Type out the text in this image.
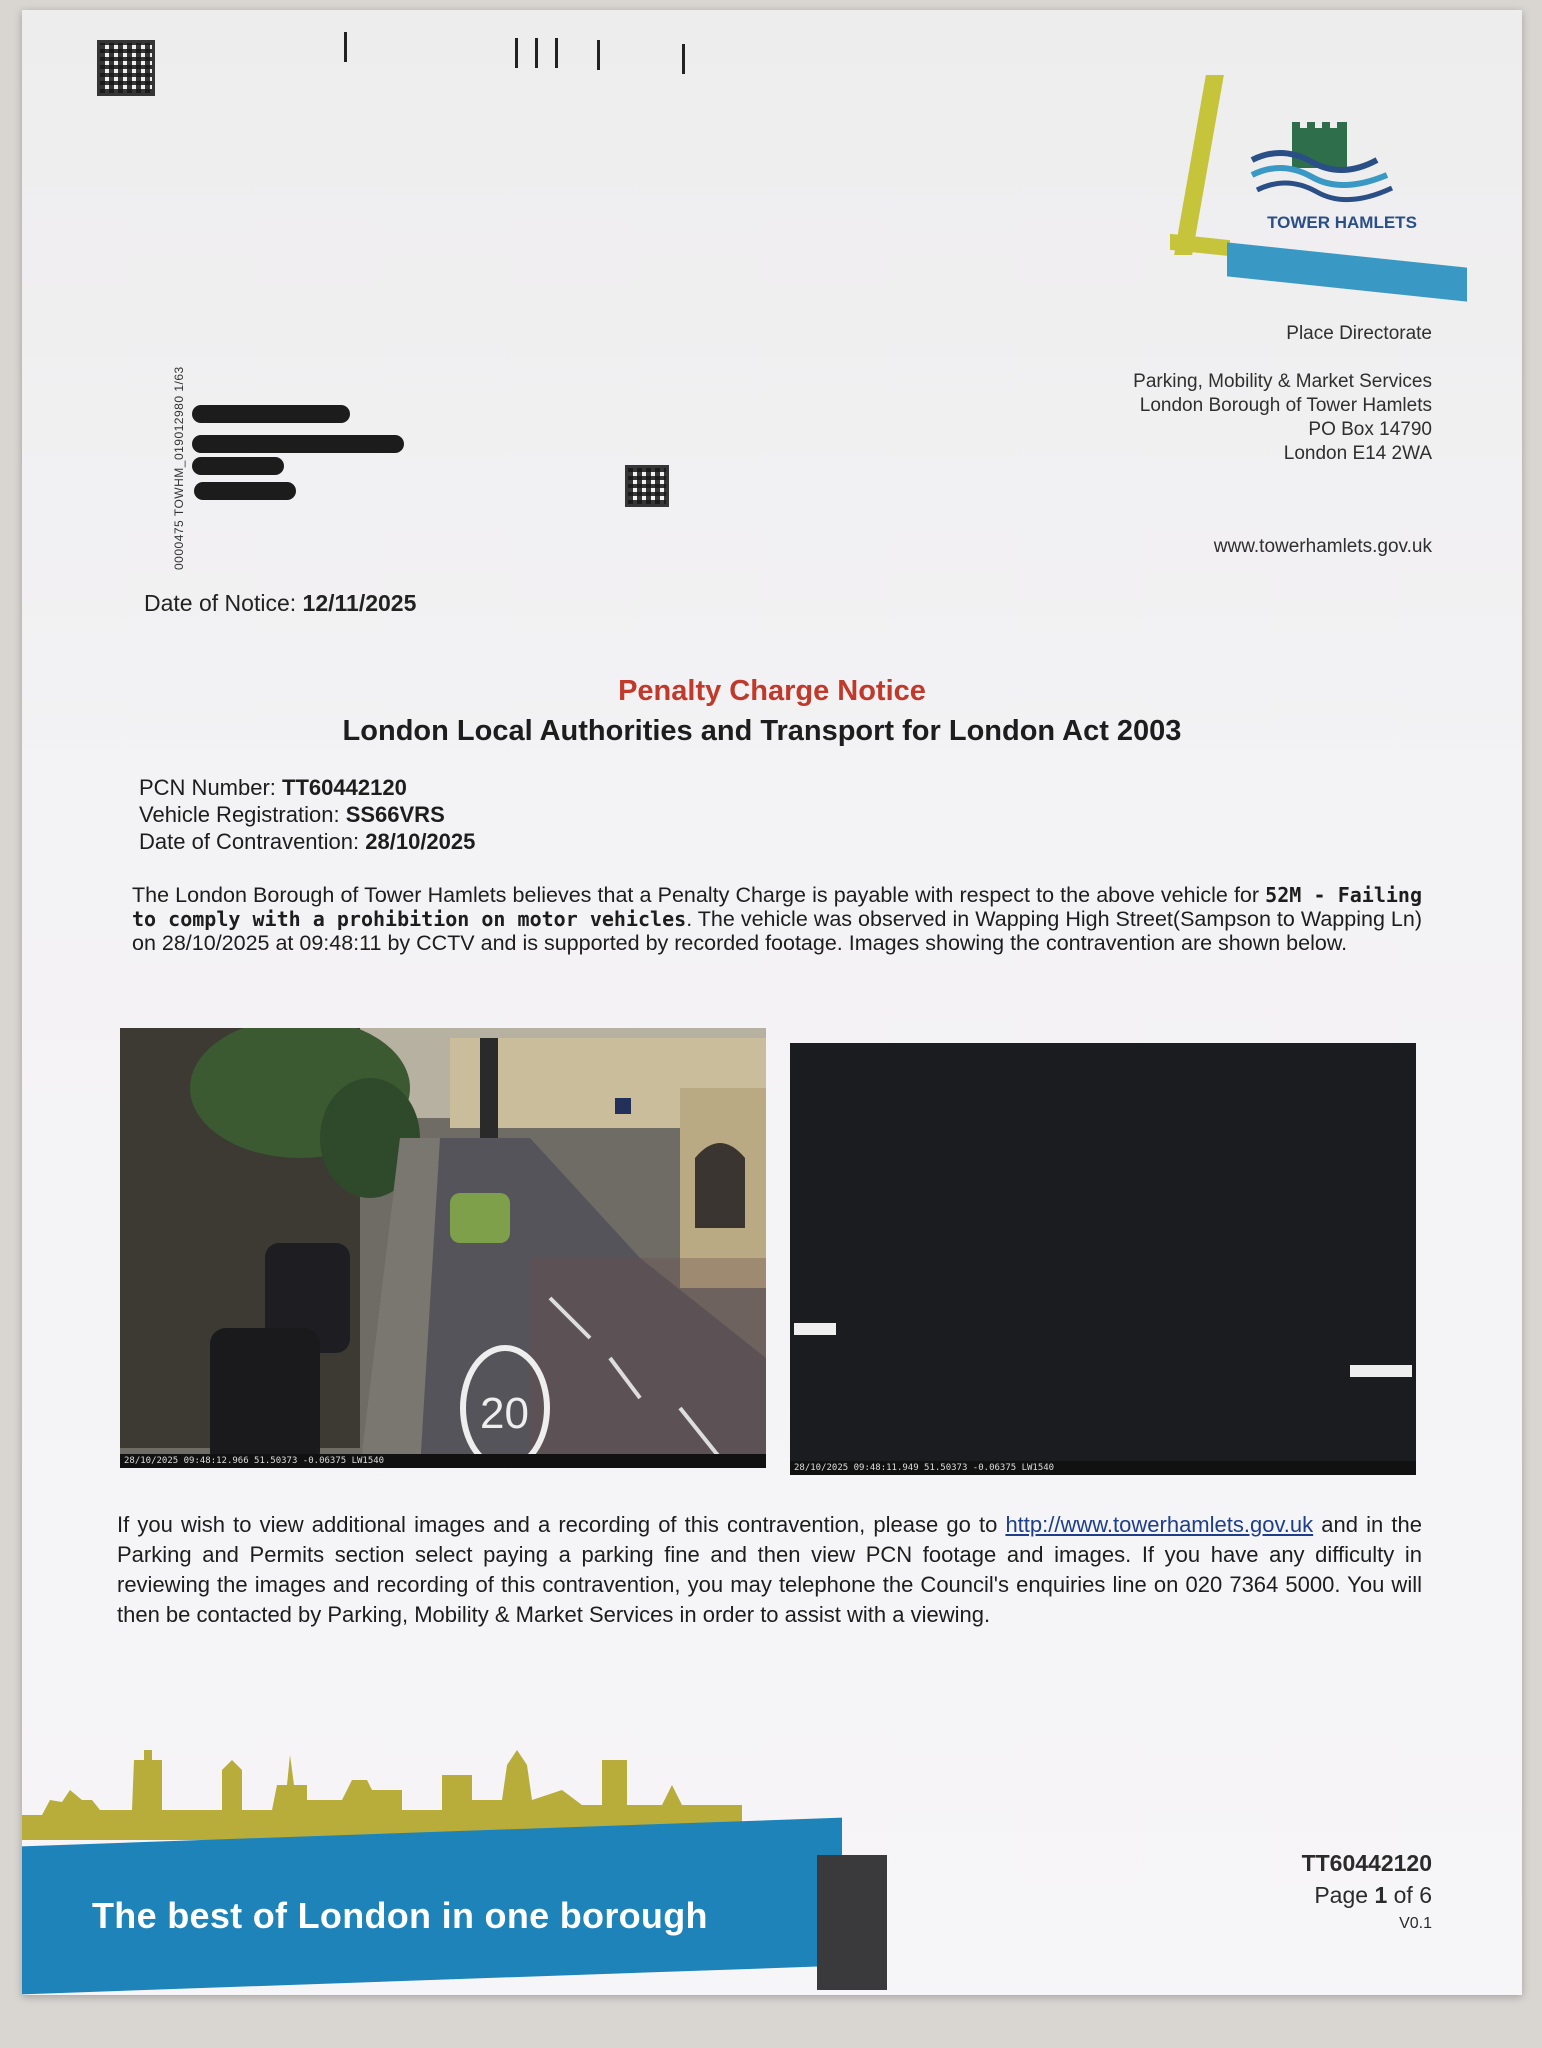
TOWER HAMLETS
Place Directorate
Parking, Mobility & Market Services
London Borough of Tower Hamlets
PO Box 14790
London E14 2WA
www.towerhamlets.gov.uk
0000475 TOWHM_019012980 1/63
Date of Notice: 12/11/2025
Penalty Charge Notice
London Local Authorities and Transport for London Act 2003
PCN Number: TT60442120
Vehicle Registration: SS66VRS
Date of Contravention: 28/10/2025
The London Borough of Tower Hamlets believes that a Penalty Charge is payable with respect to the above vehicle for 52M - Failing to comply with a prohibition on motor vehicles. The vehicle was observed in Wapping High Street(Sampson to Wapping Ln) on 28/10/2025 at 09:48:11 by CCTV and is supported by recorded footage. Images showing the contravention are shown below.
20
28/10/2025 09:48:12.966 51.50373 -0.06375 LW1540
28/10/2025 09:48:11.949 51.50373 -0.06375 LW1540
If you wish to view additional images and a recording of this contravention, please go to http://www.towerhamlets.gov.uk and in the Parking and Permits section select paying a parking fine and then view PCN footage and images. If you have any difficulty in reviewing the images and recording of this contravention, you may telephone the Council's enquiries line on 020 7364 5000. You will then be contacted by Parking, Mobility & Market Services in order to assist with a viewing.
The best of London in one borough
TT60442120
Page 1 of 6
V0.1
